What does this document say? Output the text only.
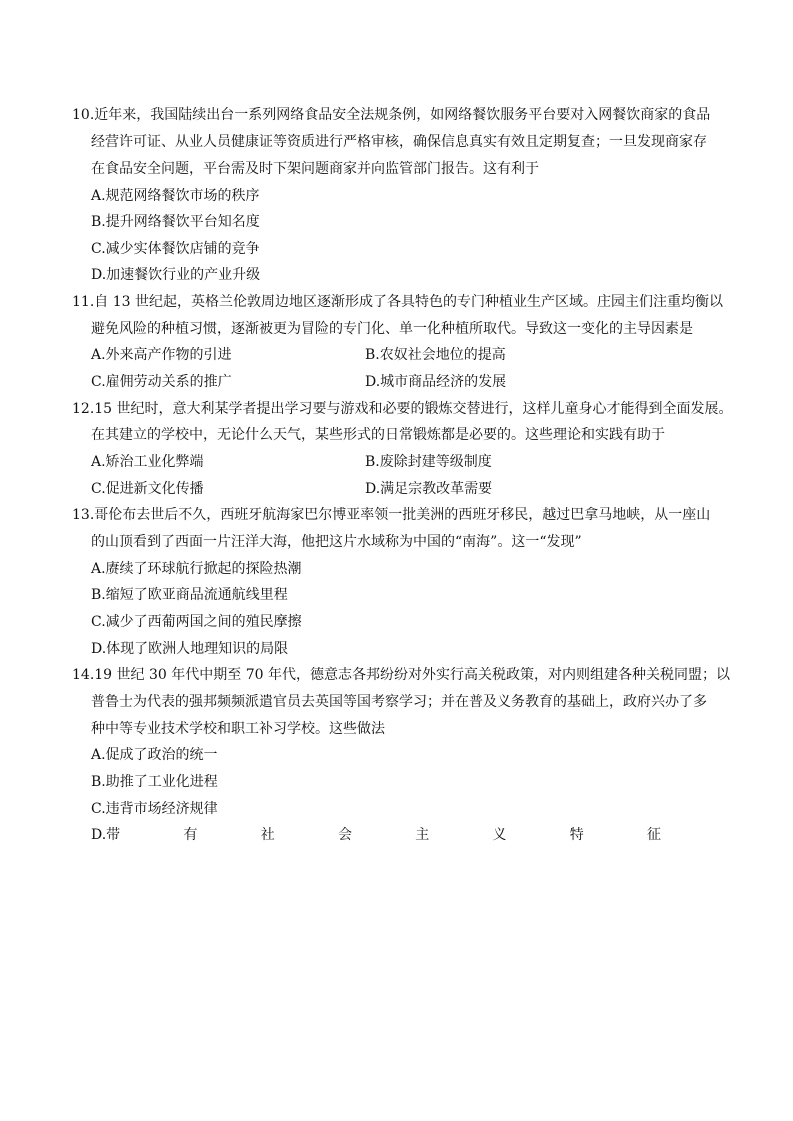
10.近年来，我国陆续出台一系列网络食品安全法规条例，如网络餐饮服务平台要对入网餐饮商家的食品
经营许可证、从业人员健康证等资质进行严格审核，确保信息真实有效且定期复查；一旦发现商家存
在食品安全问题，平台需及时下架问题商家并向监管部门报告。这有利于
A.规范网络餐饮市场的秩序
B.提升网络餐饮平台知名度
C.减少实体餐饮店铺的竞争
D.加速餐饮行业的产业升级
11.自 13 世纪起，英格兰伦敦周边地区逐渐形成了各具特色的专门种植业生产区域。庄园主们注重均衡以
避免风险的种植习惯，逐渐被更为冒险的专门化、单一化种植所取代。导致这一变化的主导因素是
A.外来高产作物的引进	B.农奴社会地位的提高
C.雇佣劳动关系的推广	D.城市商品经济的发展
12.15 世纪时，意大利某学者提出学习要与游戏和必要的锻炼交替进行，这样儿童身心才能得到全面发展。
在其建立的学校中，无论什么天气，某些形式的日常锻炼都是必要的。这些理论和实践有助于
A.矫治工业化弊端	B.废除封建等级制度
C.促进新文化传播	D.满足宗教改革需要
13.哥伦布去世后不久，西班牙航海家巴尔博亚率领一批美洲的西班牙移民，越过巴拿马地峡，从一座山
的山顶看到了西面一片汪洋大海，他把这片水域称为中国的“南海”。这一“发现”
A.赓续了环球航行掀起的探险热潮
B.缩短了欧亚商品流通航线里程
C.减少了西葡两国之间的殖民摩擦
D.体现了欧洲人地理知识的局限
14.19 世纪 30 年代中期至 70 年代，德意志各邦纷纷对外实行高关税政策，对内则组建各种关税同盟；以
普鲁士为代表的强邦频频派遣官员去英国等国考察学习；并在普及义务教育的基础上，政府兴办了多
种中等专业技术学校和职工补习学校。这些做法
A.促成了政治的统一
B.助推了工业化进程
C.违背市场经济规律
D.带	有	社	会	主	义	特	征
